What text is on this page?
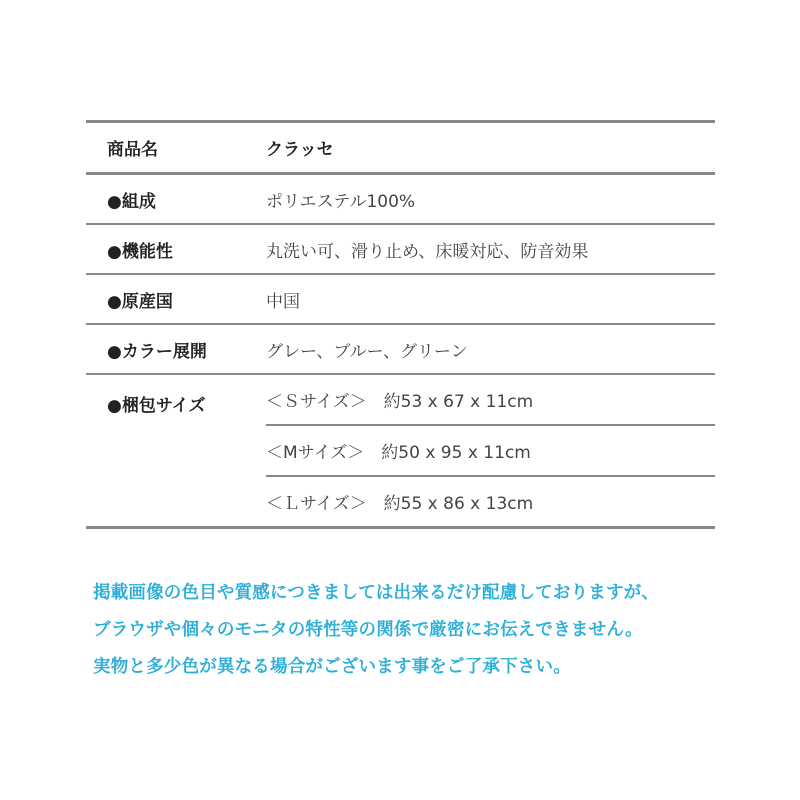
商品名	クラッセ
●組成	ポリエステル100%
●機能性	丸洗い可、滑り止め、床暖対応、防音効果
●原産国	中国
●カラー展開	グレー、ブルー、グリーン
●梱包サイズ	＜Ｓサイズ＞　約53 x 67 x 11cm
＜Mサイズ＞　約50 x 95 x 11cm
＜Ｌサイズ＞　約55 x 86 x 13cm
掲載画像の色目や質感につきましては出来るだけ配慮しておりますが、
ブラウザや個々のモニタの特性等の関係で厳密にお伝えできません。
実物と多少色が異なる場合がございます事をご了承下さい。
